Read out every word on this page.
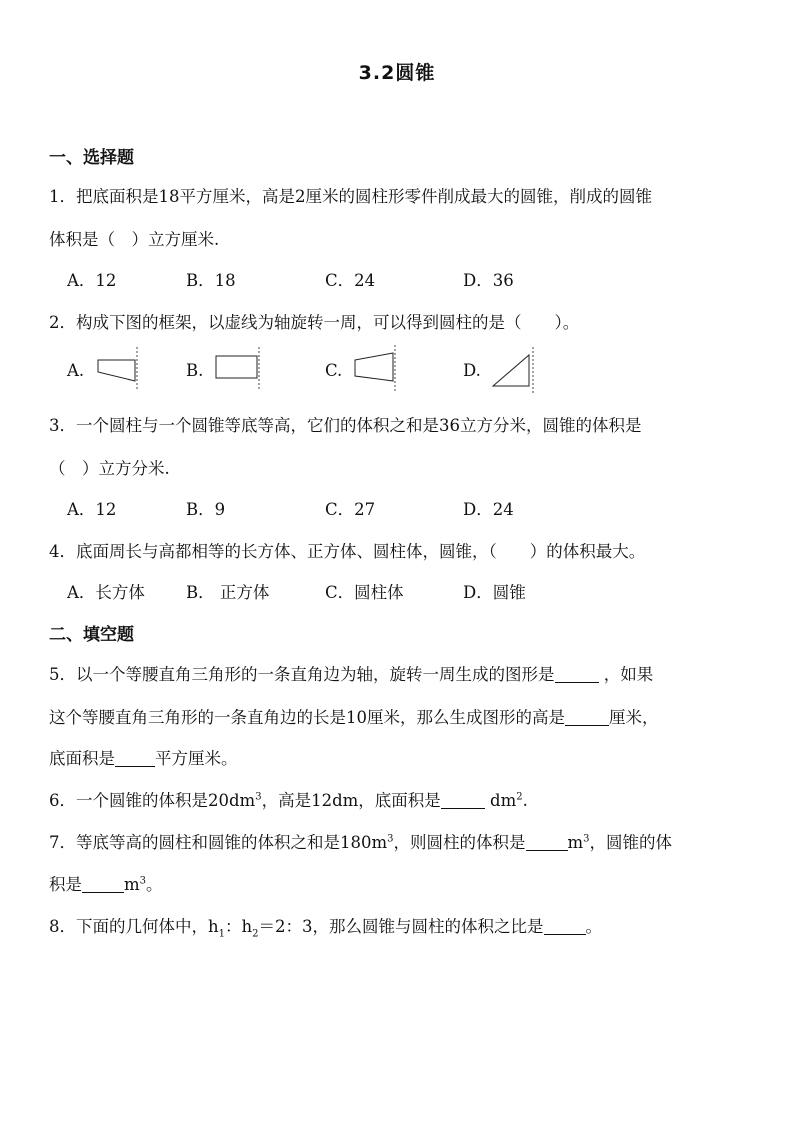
3.2圆锥
一、选择题
1．把底面积是18平方厘米，高是2厘米的圆柱形零件削成最大的圆锥，削成的圆锥
体积是（　）立方厘米.
A．12	B．18	C．24	D．36
2．构成下图的框架，以虚线为轴旋转一周，可以得到圆柱的是（　　）。
A.	B.	C.	D.
3．一个圆柱与一个圆锥等底等高，它们的体积之和是36立方分米，圆锥的体积是
（　）立方分米.
A．12	B．9	C．27	D．24
4．底面周长与高都相等的长方体、正方体、圆柱体，圆锥，（　　）的体积最大。
A．长方体 B． 正方体	C．圆柱体	D．圆锥
二、填空题
5．以一个等腰直角三角形的一条直角边为轴，旋转一周生成的图形是	，如果
这个等腰直角三角形的一条直角边的长是10厘米，那么生成图形的高是	厘米，
底面积是 平方厘米。
6．一个圆锥的体积是$20dm^3$，高是12dm，底面积是	$dm^2$.
7．等底等高的圆柱和圆锥的体积之和是$180m^3$，则圆柱的体积是	$m^3$，圆锥的体
积是	$m^3$。
8．下面的几何体中，$h_1$：$h_2=2$：3，那么圆锥与圆柱的体积之比是	。
